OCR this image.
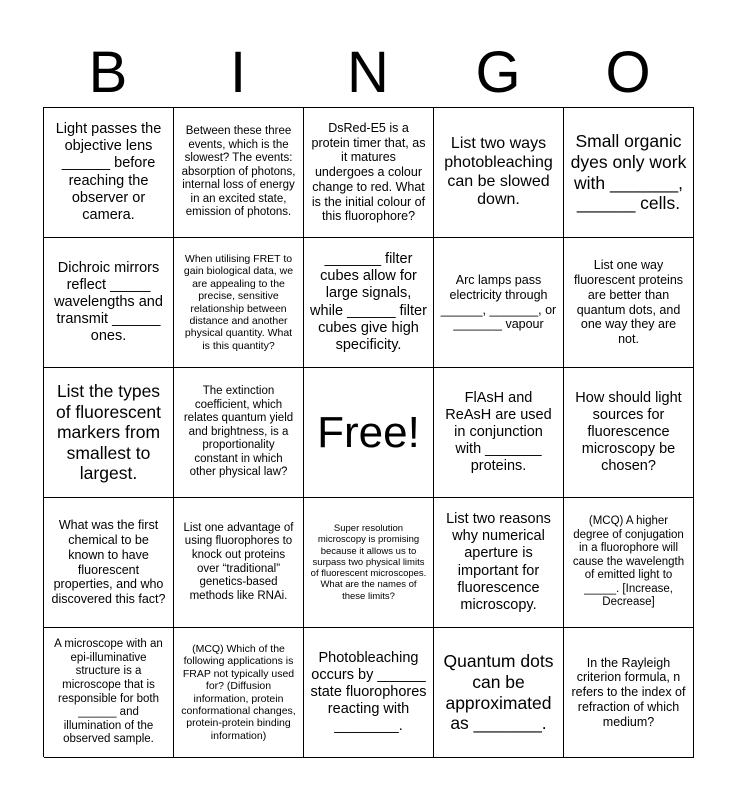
B	I	N	G	O
Light passes the objective lens ______ before reaching the observer or camera.
Between these three events, which is the slowest? The events: absorption of photons, internal loss of energy in an excited state, emission of photons.
DsRed-E5 is a protein timer that, as it matures undergoes a colour change to red. What is the initial colour of this fluorophore?
List two ways photobleaching can be slowed down.
Small organic dyes only work with _______, ______ cells.
Dichroic mirrors reflect _____ wavelengths and transmit ______ ones.
When utilising FRET to gain biological data, we are appealing to the precise, sensitive relationship between distance and another physical quantity. What is this quantity?
_______ filter cubes allow for large signals, while ______ filter cubes give high specificity.
Arc lamps pass electricity through ______, _______, or _______ vapour
List one way fluorescent proteins are better than quantum dots, and one way they are not.
List the types of fluorescent markers from smallest to largest.
The extinction coefficient, which relates quantum yield and brightness, is a proportionality constant in which other physical law?
Free!
FlAsH and ReAsH are used in conjunction with _______ proteins.
How should light sources for fluorescence microscopy be chosen?
What was the first chemical to be known to have fluorescent properties, and who discovered this fact?
List one advantage of using fluorophores to knock out proteins over “traditional” genetics-based methods like RNAi.
Super resolution microscopy is promising because it allows us to surpass two physical limits of fluorescent microscopes. What are the names of these limits?
List two reasons why numerical aperture is important for fluorescence microscopy.
(MCQ) A higher degree of conjugation in a fluorophore will cause the wavelength of emitted light to _____. [Increase, Decrease]
A microscope with an epi-illuminative structure is a microscope that is responsible for both ______ and illumination of the observed sample.
(MCQ) Which of the following applications is FRAP not typically used for? (Diffusion information, protein conformational changes, protein-protein binding information)
Photobleaching occurs by ______ state fluorophores reacting with ________.
Quantum dots can be approximated as _______.
In the Rayleigh criterion formula, n refers to the index of refraction of which medium?
